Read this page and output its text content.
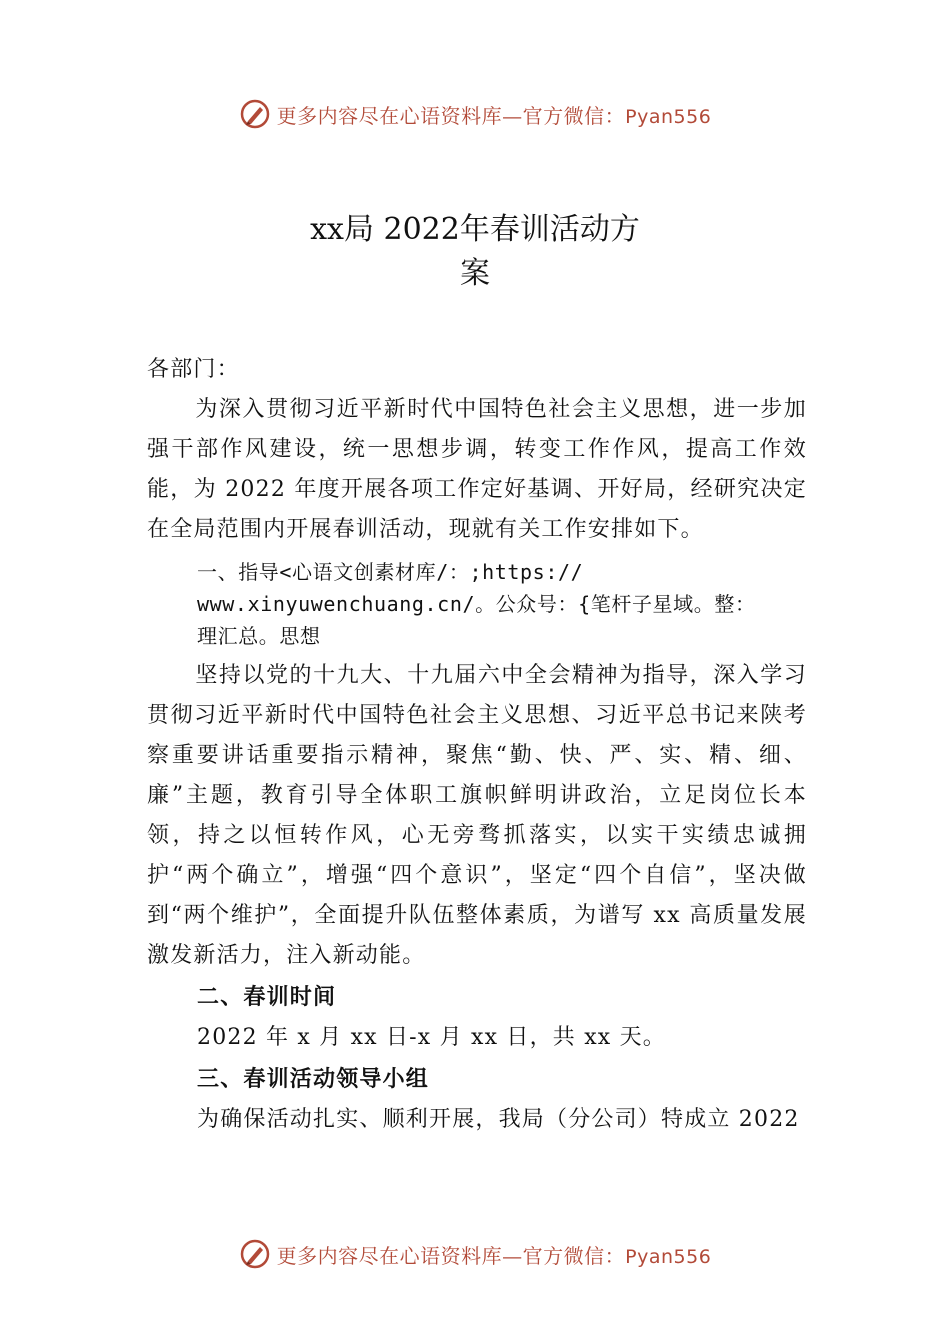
更多内容尽在心语资料库—官方微信：Pyan556
xx局 2022年春训活动方
案

各部门：

为深入贯彻习近平新时代中国特色社会主义思想，进一步加强干部作风建设，统一思想步调，转变工作作风，提高工作效能，为 2022 年度开展各项工作定好基调、开好局，经研究决定在全局范围内开展春训活动，现就有关工作安排如下。

一、指导<心语文创素材库/：;https://
www.xinyuwenchuang.cn/。公众号：{笔杆子星域。整：
理汇总。思想

坚持以党的十九大、十九届六中全会精神为指导，深入学习贯彻习近平新时代中国特色社会主义思想、习近平总书记来陕考察重要讲话重要指示精神，聚焦“勤、快、严、实、精、细、廉”主题，教育引导全体职工旗帜鲜明讲政治，立足岗位长本领，持之以恒转作风，心无旁骛抓落实，以实干实绩忠诚拥护“两个确立”，增强“四个意识”，坚定“四个自信”，坚决做到“两个维护”，全面提升队伍整体素质，为谱写 xx 高质量发展激发新活力，注入新动能。

二、春训时间

2022 年 x 月 xx 日-x 月 xx 日，共 xx 天。

三、春训活动领导小组

为确保活动扎实、顺利开展，我局（分公司）特成立 2022

更多内容尽在心语资料库—官方微信：Pyan556
